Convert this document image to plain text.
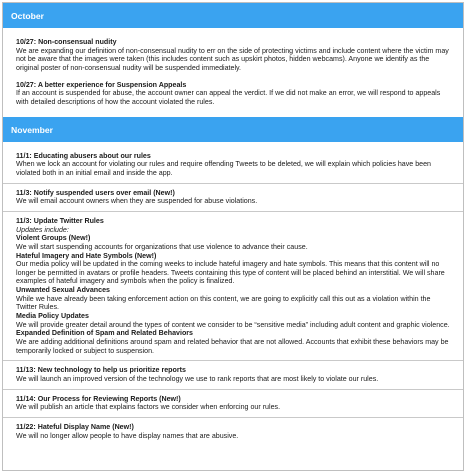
October
10/27: Non-consensual nudity
We are expanding our definition of non-consensual nudity to err on the side of protecting victims and include content where the victim may not be aware that the images were taken (this includes content such as upskirt photos, hidden webcams). Anyone we identify as the original poster of non-consensual nudity will be suspended immediately.
10/27: A better experience for Suspension Appeals
If an account is suspended for abuse, the account owner can appeal the verdict. If we did not make an error, we will respond to appeals with detailed descriptions of how the account violated the rules.
November
11/1: Educating abusers about our rules
When we lock an account for violating our rules and require offending Tweets to be deleted, we will explain which policies have been violated both in an initial email and inside the app.
11/3: Notify suspended users over email (New!)
We will email account owners when they are suspended for abuse violations.
11/3: Update Twitter Rules
Updates include:
Violent Groups (New!)
We will start suspending accounts for organizations that use violence to advance their cause.
Hateful Imagery and Hate Symbols (New!)
Our media policy will be updated in the coming weeks to include hateful imagery and hate symbols. This means that this content will no longer be permitted in avatars or profile headers. Tweets containing this type of content will be placed behind an interstitial. We will share examples of hateful imagery and symbols when the policy is finalized.
Unwanted Sexual Advances
While we have already been taking enforcement action on this content, we are going to explicitly call this out as a violation within the Twitter Rules.
Media Policy Updates
We will provide greater detail around the types of content we consider to be “sensitive media” including adult content and graphic violence.
Expanded Definition of Spam and Related Behaviors
We are adding additional definitions around spam and related behavior that are not allowed. Accounts that exhibit these behaviors may be temporarily locked or subject to suspension.
11/13: New technology to help us prioritize reports
We will launch an improved version of the technology we use to rank reports that are most likely to violate our rules.
11/14: Our Process for Reviewing Reports (New!)
We will publish an article that explains factors we consider when enforcing our rules.
11/22: Hateful Display Name (New!)
We will no longer allow people to have display names that are abusive.
